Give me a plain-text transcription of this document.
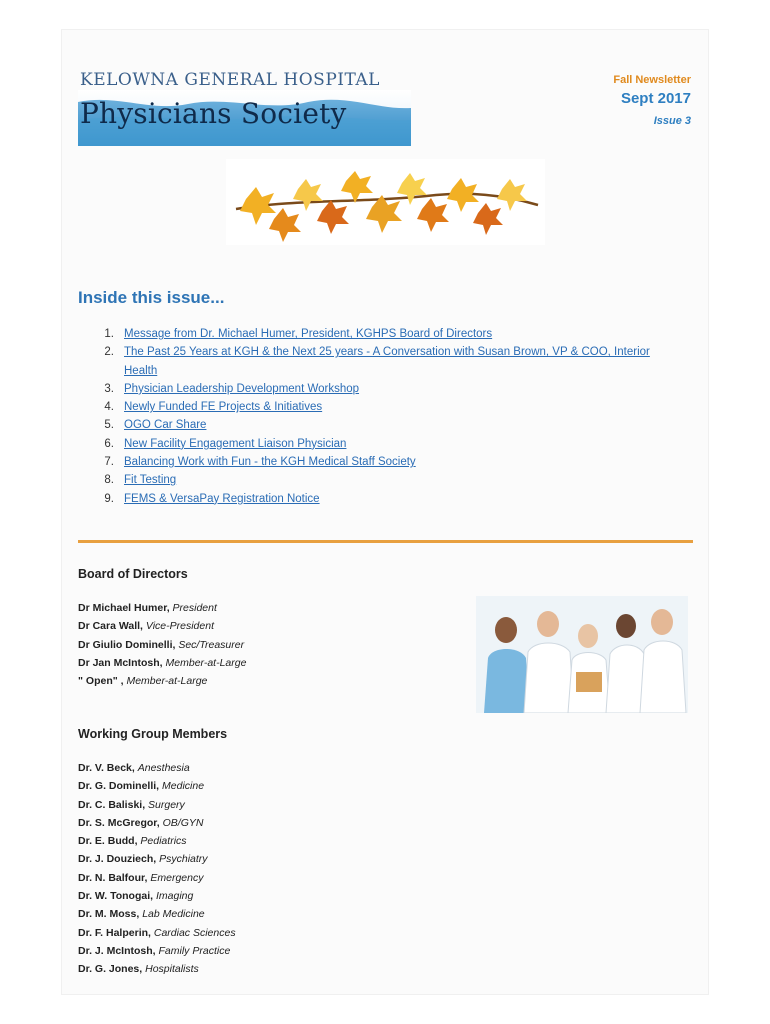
KELOWNA GENERAL HOSPITAL
Physicians Society
Fall Newsletter
Sept 2017
Issue 3
Inside this issue...
1. Message from Dr. Michael Humer, President, KGHPS Board of Directors
2. The Past 25 Years at KGH & the Next 25 years - A Conversation with Susan Brown, VP & COO, Interior Health
3. Physician Leadership Development Workshop
4. Newly Funded FE Projects & Initiatives
5. OGO Car Share
6. New Facility Engagement Liaison Physician
7. Balancing Work with Fun - the KGH Medical Staff Society
8. Fit Testing
9. FEMS & VersaPay Registration Notice
Board of Directors
Dr Michael Humer, President
Dr Cara Wall, Vice-President
Dr Giulio Dominelli, Sec/Treasurer
Dr Jan McIntosh, Member-at-Large
" Open" , Member-at-Large
Working Group Members
Dr. V. Beck, Anesthesia
Dr. G. Dominelli, Medicine
Dr. C. Baliski, Surgery
Dr. S. McGregor, OB/GYN
Dr. E. Budd, Pediatrics
Dr. J. Douziech, Psychiatry
Dr. N. Balfour, Emergency
Dr. W. Tonogai, Imaging
Dr. M. Moss, Lab Medicine
Dr. F. Halperin, Cardiac Sciences
Dr. J. McIntosh, Family Practice
Dr. G. Jones, Hospitalists
